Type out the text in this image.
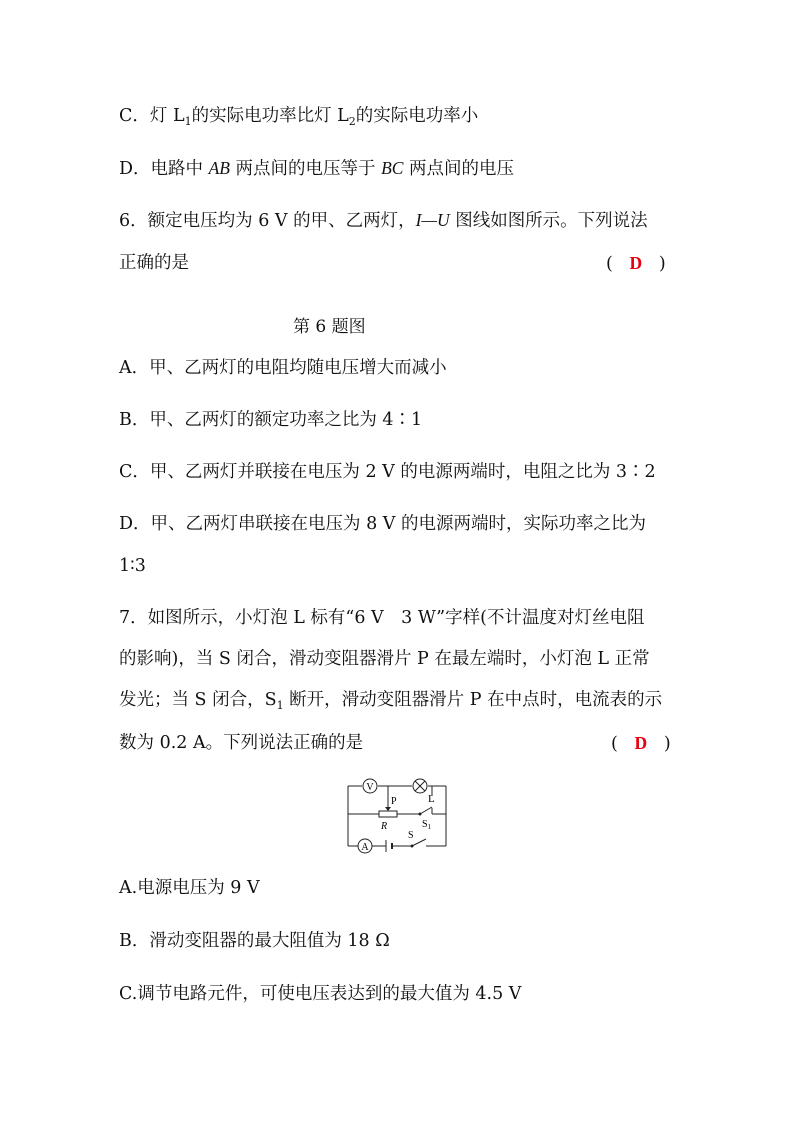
C．灯 $L_1$的实际电功率比灯 $L_2$的实际电功率小
D．电路中 AB 两点间的电压等于 BC 两点间的电压
6．额定电压均为 6 V 的甲、乙两灯，I—U 图线如图所示。下列说法
正确的是	( D )
第 6 题图
A．甲、乙两灯的电阻均随电压增大而减小
B．甲、乙两灯的额定功率之比为 4∶1
C．甲、乙两灯并联接在电压为 2 V 的电源两端时，电阻之比为 3∶2
D．甲、乙两灯串联接在电压为 8 V 的电源两端时，实际功率之比为
1∶3
7．如图所示，小灯泡 L 标有“6 V　3 W”字样(不计温度对灯丝电阻
的影响)，当 S 闭合，滑动变阻器滑片 P 在最左端时，小灯泡 L 正常
发光；当 S 闭合，$S_1$ 断开，滑动变阻器滑片 P 在中点时，电流表的示
数为 0.2 A。下列说法正确的是	( D )
V
L
P
R	$S_1$
A
S
A.电源电压为 9 V
B．滑动变阻器的最大阻值为 18 Ω
C.调节电路元件，可使电压表达到的最大值为 4.5 V
